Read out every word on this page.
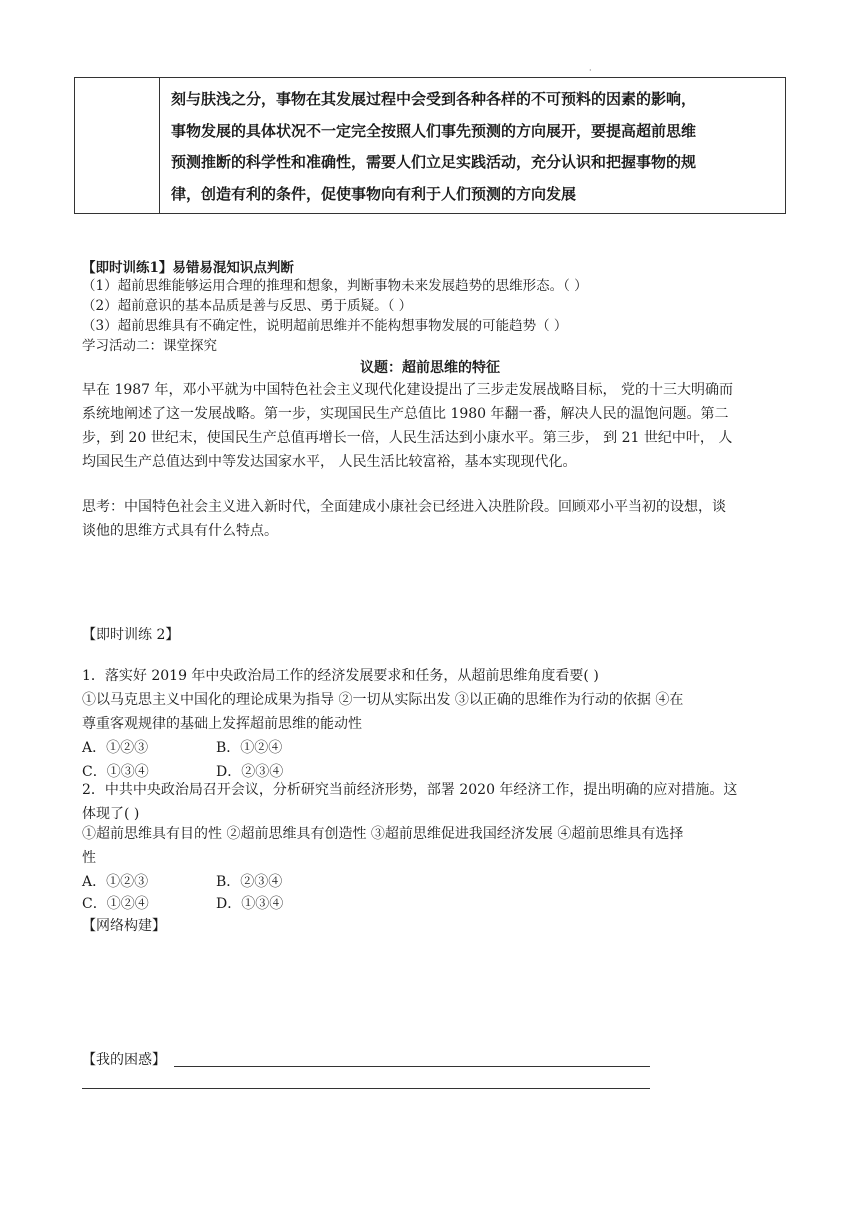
·
刻与肤浅之分，事物在其发展过程中会受到各种各样的不可预料的因素的影响，
事物发展的具体状况不一定完全按照人们事先预测的方向展开，要提高超前思维
预测推断的科学性和准确性，需要人们立足实践活动，充分认识和把握事物的规
律，创造有利的条件，促使事物向有利于人们预测的方向发展
【即时训练1】易错易混知识点判断
（1）超前思维能够运用合理的推理和想象，判断事物未来发展趋势的思维形态。（ ）
（2）超前意识的基本品质是善与反思、勇于质疑。（ ）
（3）超前思维具有不确定性，说明超前思维并不能构想事物发展的可能趋势（ ）
学习活动二：课堂探究
议题：超前思维的特征
早在 1987 年，邓小平就为中国特色社会主义现代化建设提出了三步走发展战略目标， 党的十三大明确而
系统地阐述了这一发展战略。第一步，实现国民生产总值比 1980 年翻一番，解决人民的温饱问题。第二
步，到 20 世纪末，使国民生产总值再增长一倍，人民生活达到小康水平。第三步， 到 21 世纪中叶， 人
均国民生产总值达到中等发达国家水平， 人民生活比较富裕，基本实现现代化。
思考：中国特色社会主义进入新时代，全面建成小康社会已经进入决胜阶段。回顾邓小平当初的设想，谈
谈他的思维方式具有什么特点。
【即时训练 2】
1．落实好 2019 年中央政治局工作的经济发展要求和任务，从超前思维角度看要( )
①以马克思主义中国化的理论成果为指导 ②一切从实际出发 ③以正确的思维作为行动的依据 ④在
尊重客观规律的基础上发挥超前思维的能动性
A．①②③	B．①②④
C．①③④	D．②③④
2．中共中央政治局召开会议，分析研究当前经济形势，部署 2020 年经济工作，提出明确的应对措施。这
体现了( )
①超前思维具有目的性 ②超前思维具有创造性 ③超前思维促进我国经济发展 ④超前思维具有选择
性
A．①②③	B．②③④
C．①②④	D．①③④
【网络构建】
【我的困惑】
